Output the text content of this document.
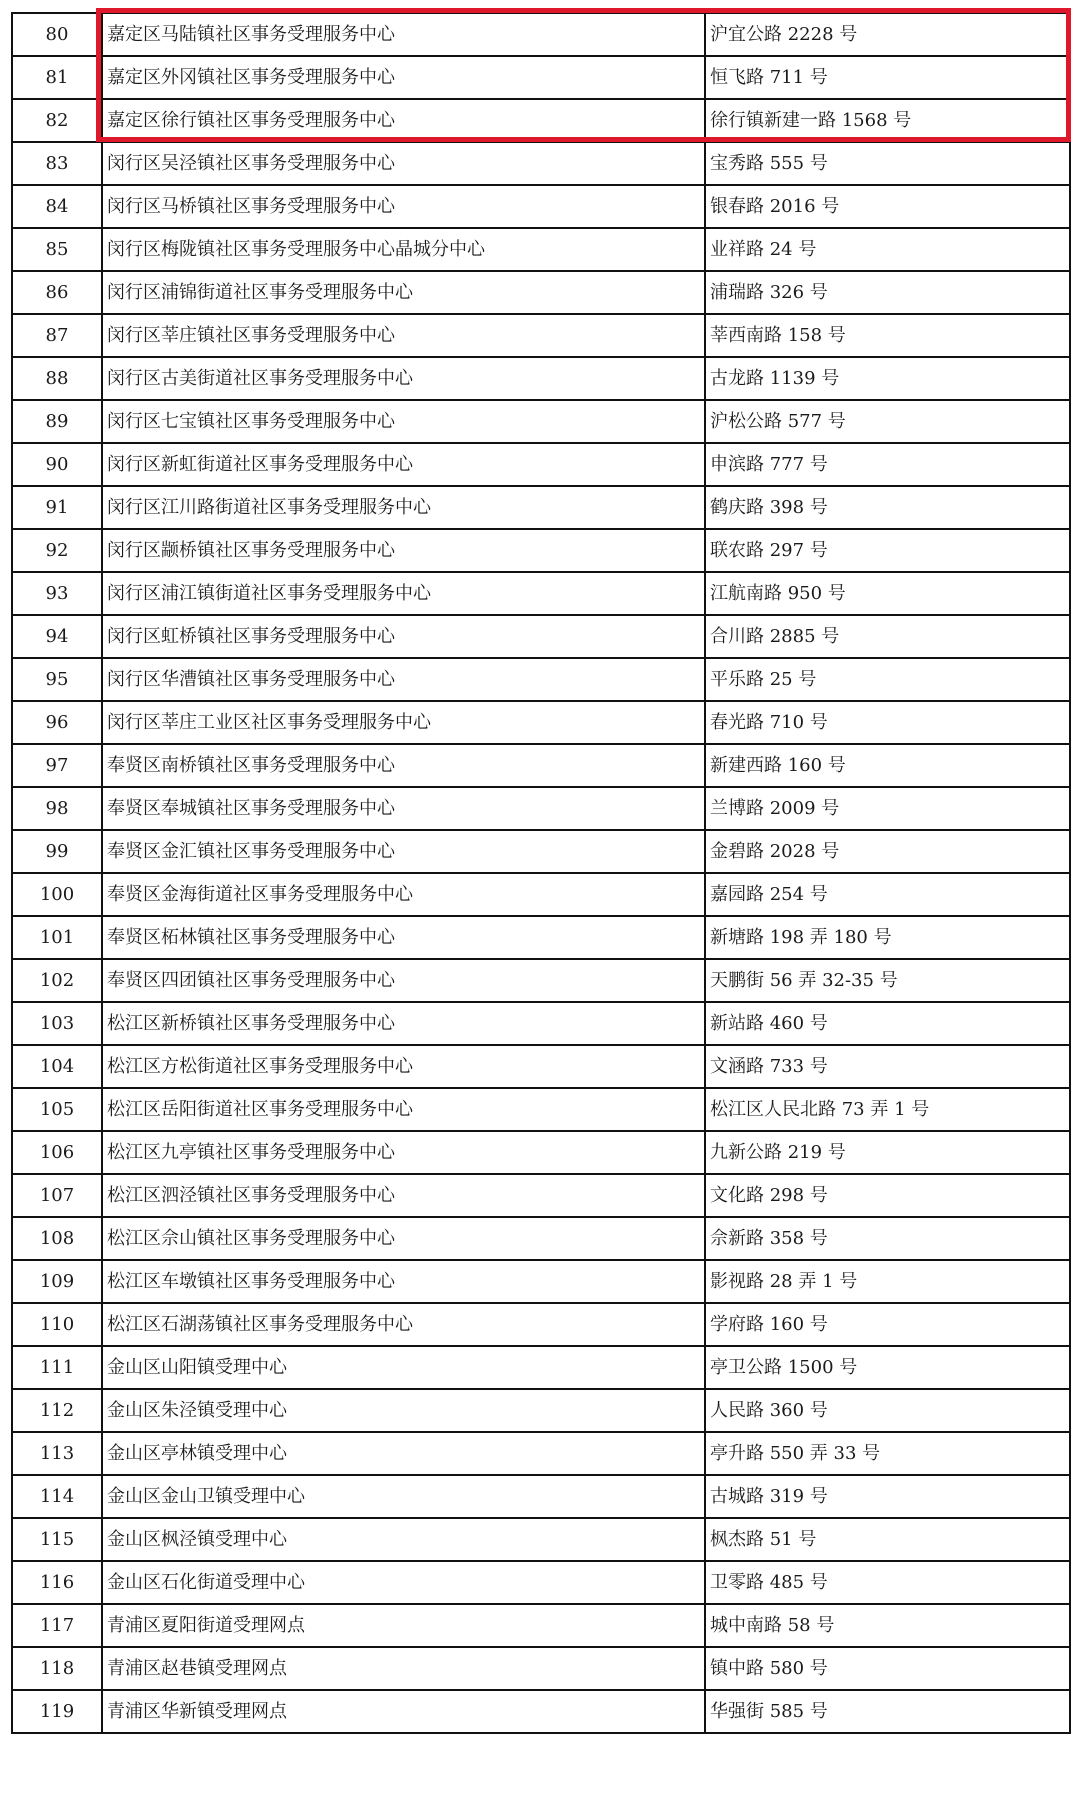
80	嘉定区马陆镇社区事务受理服务中心	沪宜公路 2228 号
81	嘉定区外冈镇社区事务受理服务中心	恒飞路 711 号
82	嘉定区徐行镇社区事务受理服务中心	徐行镇新建一路 1568 号
83	闵行区吴泾镇社区事务受理服务中心	宝秀路 555 号
84	闵行区马桥镇社区事务受理服务中心	银春路 2016 号
85	闵行区梅陇镇社区事务受理服务中心晶城分中心	业祥路 24 号
86	闵行区浦锦街道社区事务受理服务中心	浦瑞路 326 号
87	闵行区莘庄镇社区事务受理服务中心	莘西南路 158 号
88	闵行区古美街道社区事务受理服务中心	古龙路 1139 号
89	闵行区七宝镇社区事务受理服务中心	沪松公路 577 号
90	闵行区新虹街道社区事务受理服务中心	申滨路 777 号
91	闵行区江川路街道社区事务受理服务中心	鹤庆路 398 号
92	闵行区颛桥镇社区事务受理服务中心	联农路 297 号
93	闵行区浦江镇街道社区事务受理服务中心	江航南路 950 号
94	闵行区虹桥镇社区事务受理服务中心	合川路 2885 号
95	闵行区华漕镇社区事务受理服务中心	平乐路 25 号
96	闵行区莘庄工业区社区事务受理服务中心	春光路 710 号
97	奉贤区南桥镇社区事务受理服务中心	新建西路 160 号
98	奉贤区奉城镇社区事务受理服务中心	兰博路 2009 号
99	奉贤区金汇镇社区事务受理服务中心	金碧路 2028 号
100	奉贤区金海街道社区事务受理服务中心	嘉园路 254 号
101	奉贤区柘林镇社区事务受理服务中心	新塘路 198 弄 180 号
102	奉贤区四团镇社区事务受理服务中心	天鹏街 56 弄 32-35 号
103	松江区新桥镇社区事务受理服务中心	新站路 460 号
104	松江区方松街道社区事务受理服务中心	文涵路 733 号
105	松江区岳阳街道社区事务受理服务中心	松江区人民北路 73 弄 1 号
106	松江区九亭镇社区事务受理服务中心	九新公路 219 号
107	松江区泗泾镇社区事务受理服务中心	文化路 298 号
108	松江区佘山镇社区事务受理服务中心	佘新路 358 号
109	松江区车墩镇社区事务受理服务中心	影视路 28 弄 1 号
110	松江区石湖荡镇社区事务受理服务中心	学府路 160 号
111	金山区山阳镇受理中心	亭卫公路 1500 号
112	金山区朱泾镇受理中心	人民路 360 号
113	金山区亭林镇受理中心	亭升路 550 弄 33 号
114	金山区金山卫镇受理中心	古城路 319 号
115	金山区枫泾镇受理中心	枫杰路 51 号
116	金山区石化街道受理中心	卫零路 485 号
117	青浦区夏阳街道受理网点	城中南路 58 号
118	青浦区赵巷镇受理网点	镇中路 580 号
119	青浦区华新镇受理网点	华强街 585 号
